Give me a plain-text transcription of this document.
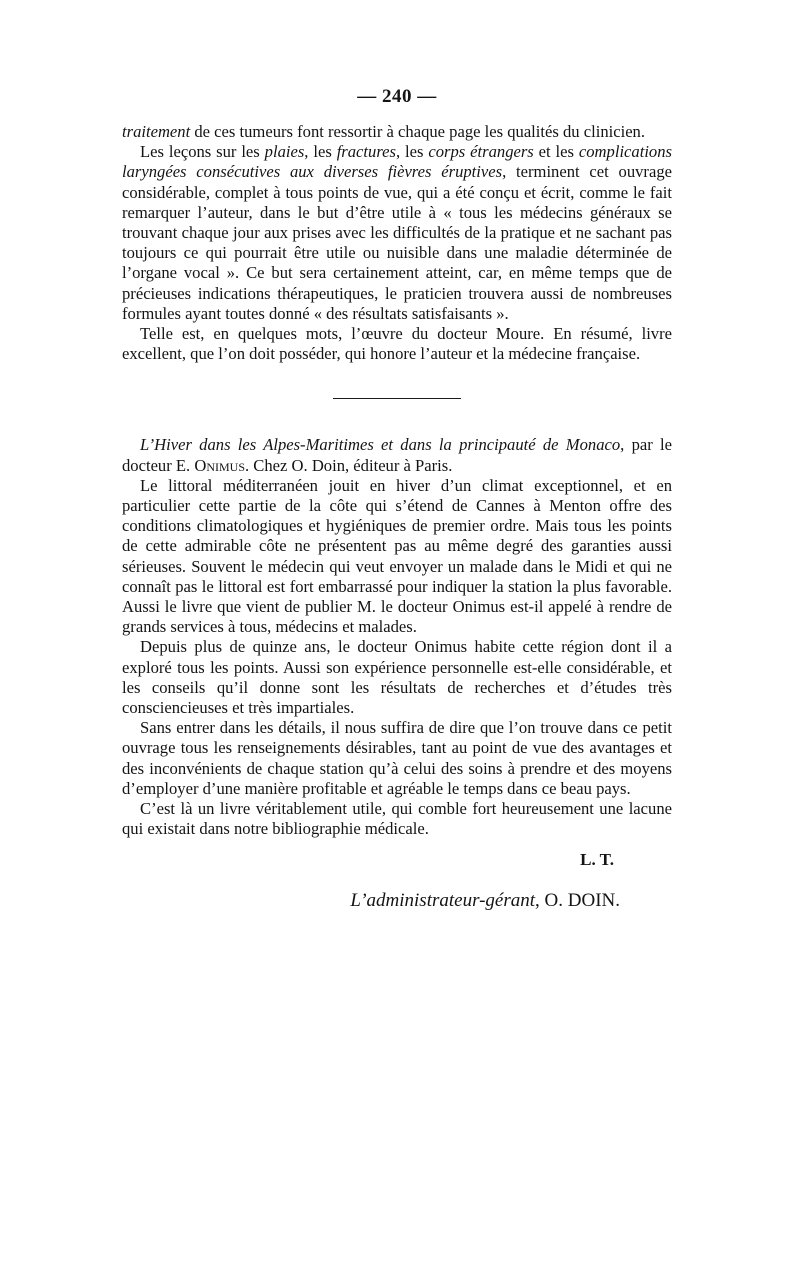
— 240 —

traitement de ces tumeurs font ressortir à chaque page les qualités du clinicien.

Les leçons sur les plaies, les fractures, les corps étrangers et les complications laryngées consécutives aux diverses fièvres éruptives, terminent cet ouvrage considérable, complet à tous points de vue, qui a été conçu et écrit, comme le fait remarquer l’auteur, dans le but d’être utile à « tous les médecins généraux se trouvant chaque jour aux prises avec les difficultés de la pratique et ne sachant pas toujours ce qui pourrait être utile ou nuisible dans une maladie déterminée de l’organe vocal ». Ce but sera certainement atteint, car, en même temps que de précieuses indications thérapeutiques, le praticien trouvera aussi de nombreuses formules ayant toutes donné « des résultats satisfaisants ».

Telle est, en quelques mots, l’œuvre du docteur Moure. En résumé, livre excellent, que l’on doit posséder, qui honore l’auteur et la médecine française.

L’Hiver dans les Alpes-Maritimes et dans la principauté de Monaco, par le docteur E. Onimus. Chez O. Doin, éditeur à Paris.

Le littoral méditerranéen jouit en hiver d’un climat exceptionnel, et en particulier cette partie de la côte qui s’étend de Cannes à Menton offre des conditions climatologiques et hygiéniques de premier ordre. Mais tous les points de cette admirable côte ne présentent pas au même degré des garanties aussi sérieuses. Souvent le médecin qui veut envoyer un malade dans le Midi et qui ne connaît pas le littoral est fort embarrassé pour indiquer la station la plus favorable. Aussi le livre que vient de publier M. le docteur Onimus est-il appelé à rendre de grands services à tous, médecins et malades.

Depuis plus de quinze ans, le docteur Onimus habite cette région dont il a exploré tous les points. Aussi son expérience personnelle est-elle considérable, et les conseils qu’il donne sont les résultats de recherches et d’études très consciencieuses et très impartiales.

Sans entrer dans les détails, il nous suffira de dire que l’on trouve dans ce petit ouvrage tous les renseignements désirables, tant au point de vue des avantages et des inconvénients de chaque station qu’à celui des soins à prendre et des moyens d’employer d’une manière profitable et agréable le temps dans ce beau pays.

C’est là un livre véritablement utile, qui comble fort heureusement une lacune qui existait dans notre bibliographie médicale.

L. T.
L’administrateur-gérant, O. DOIN.
